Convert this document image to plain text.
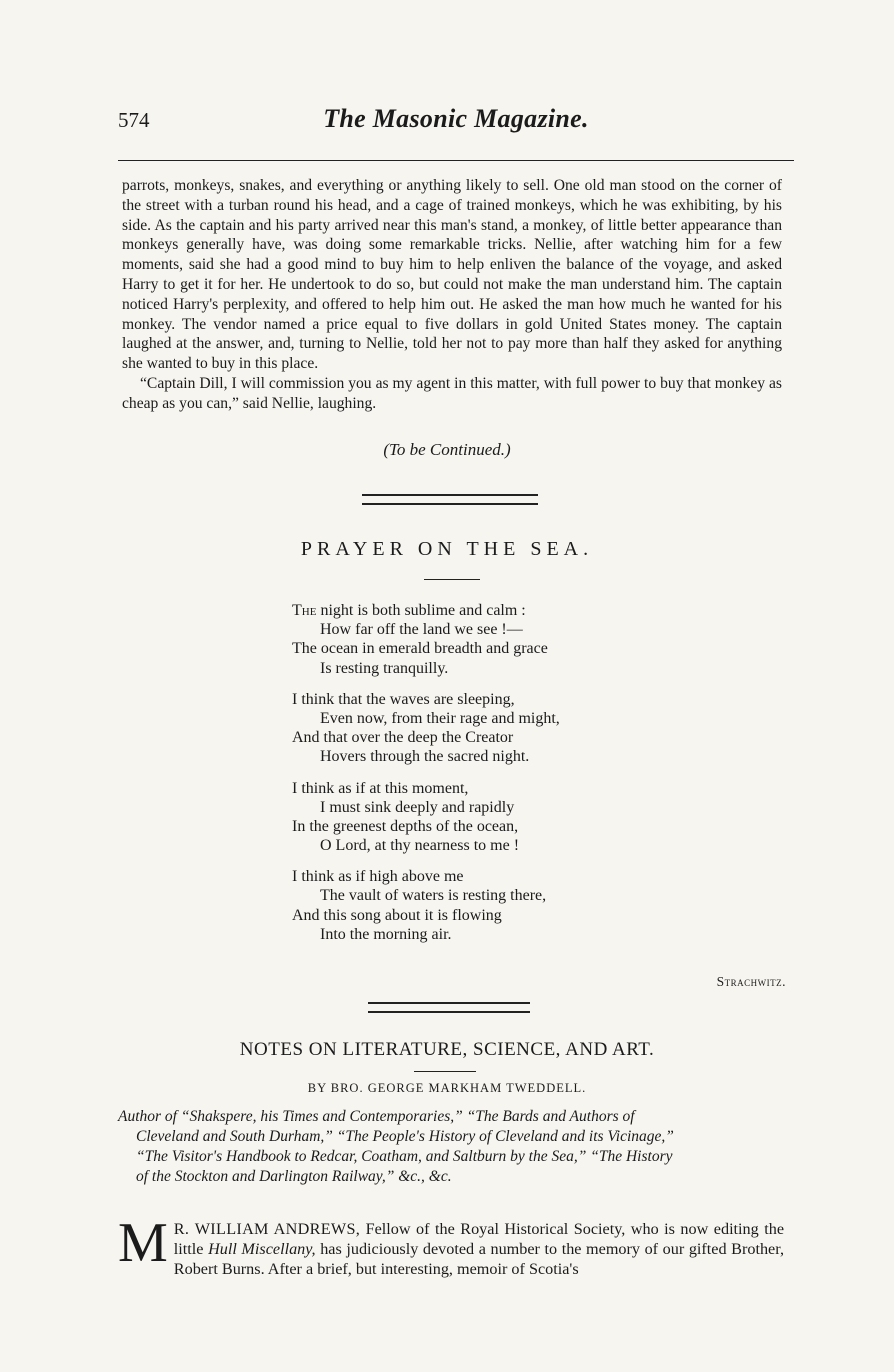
574	The Masonic Magazine.

parrots, monkeys, snakes, and everything or anything likely to sell. One old man stood on the corner of the street with a turban round his head, and a cage of trained monkeys, which he was exhibiting, by his side. As the captain and his party arrived near this man's stand, a monkey, of little better appearance than monkeys generally have, was doing some remarkable tricks. Nellie, after watching him for a few moments, said she had a good mind to buy him to help enliven the balance of the voyage, and asked Harry to get it for her. He undertook to do so, but could not make the man understand him. The captain noticed Harry's perplexity, and offered to help him out. He asked the man how much he wanted for his monkey. The vendor named a price equal to five dollars in gold United States money. The captain laughed at the answer, and, turning to Nellie, told her not to pay more than half they asked for anything she wanted to buy in this place.

“Captain Dill, I will commission you as my agent in this matter, with full power to buy that monkey as cheap as you can,” said Nellie, laughing.

(To be Continued.)
PRAYER ON THE SEA.
The night is both sublime and calm :
How far off the land we see !—
The ocean in emerald breadth and grace
Is resting tranquilly.
I think that the waves are sleeping,
Even now, from their rage and might,
And that over the deep the Creator
Hovers through the sacred night.
I think as if at this moment,
I must sink deeply and rapidly
In the greenest depths of the ocean,
O Lord, at thy nearness to me !
I think as if high above me
The vault of waters is resting there,
And this song about it is flowing
Into the morning air.
Strachwitz.
NOTES ON LITERATURE, SCIENCE, AND ART.
BY BRO. GEORGE MARKHAM TWEDDELL.
Author of “Shakspere, his Times and Contemporaries,” “The Bards and Authors of
Cleveland and South Durham,” “The People's History of Cleveland and its Vicinage,”
“The Visitor's Handbook to Redcar, Coatham, and Saltburn by the Sea,” “The History
of the Stockton and Darlington Railway,” &c., &c.
M R. WILLIAM ANDREWS, Fellow of the Royal Historical Society, who is now editing the little Hull Miscellany, has judiciously devoted a number to the memory of our gifted Brother, Robert Burns. After a brief, but interesting, memoir of Scotia's
